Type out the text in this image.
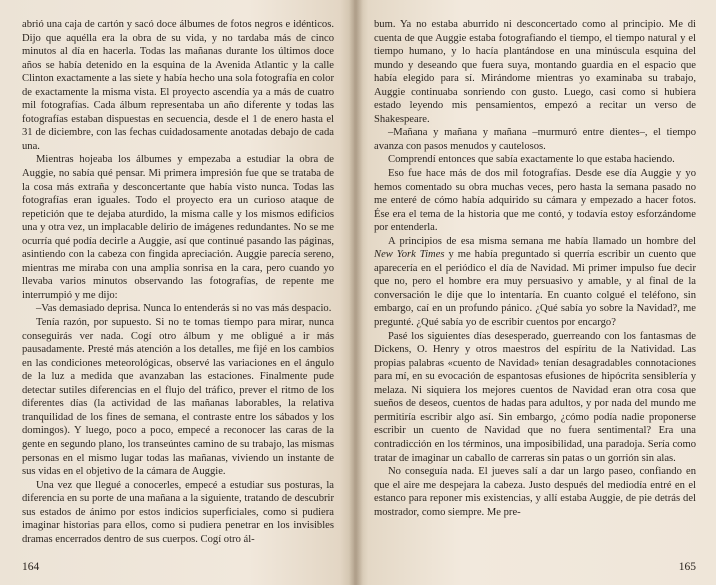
abrió una caja de cartón y sacó doce álbumes de fotos negros e idénticos. Dijo que aquélla era la obra de su vida, y no tardaba más de cinco minutos al día en hacerla. Todas las mañanas durante los últimos doce años se había detenido en la esquina de la Avenida Atlantic y la calle Clinton exactamente a las siete y había hecho una sola fotografía en color de exactamente la misma vista. El proyecto ascendía ya a más de cuatro mil fotografías. Cada álbum representaba un año diferente y todas las fotografías estaban dispuestas en secuencia, desde el 1 de enero hasta el 31 de diciembre, con las fechas cuidadosamente anotadas debajo de cada una.

Mientras hojeaba los álbumes y empezaba a estudiar la obra de Auggie, no sabía qué pensar. Mi primera impresión fue que se trataba de la cosa más extraña y desconcertante que había visto nunca. Todas las fotografías eran iguales. Todo el proyecto era un curioso ataque de repetición que te dejaba aturdido, la misma calle y los mismos edificios una y otra vez, un implacable delirio de imágenes redundantes. No se me ocurría qué podía decirle a Auggie, así que continué pasando las páginas, asintiendo con la cabeza con fingida apreciación. Auggie parecía sereno, mientras me miraba con una amplia sonrisa en la cara, pero cuando yo llevaba varios minutos observando las fotografías, de repente me interrumpió y me dijo:

–Vas demasiado deprisa. Nunca lo entenderás si no vas más despacio.

Tenía razón, por supuesto. Si no te tomas tiempo para mirar, nunca conseguirás ver nada. Cogí otro álbum y me obligué a ir más pausadamente. Presté más atención a los detalles, me fijé en los cambios en las condiciones meteorológicas, observé las variaciones en el ángulo de la luz a medida que avanzaban las estaciones. Finalmente pude detectar sutiles diferencias en el flujo del tráfico, prever el ritmo de los diferentes días (la actividad de las mañanas laborables, la relativa tranquilidad de los fines de semana, el contraste entre los sábados y los domingos). Y luego, poco a poco, empecé a reconocer las caras de la gente en segundo plano, los transeúntes camino de su trabajo, las mismas personas en el mismo lugar todas las mañanas, viviendo un instante de sus vidas en el objetivo de la cámara de Auggie.

Una vez que llegué a conocerles, empecé a estudiar sus posturas, la diferencia en su porte de una mañana a la siguiente, tratando de descubrir sus estados de ánimo por estos indicios superficiales, como si pudiera imaginar historias para ellos, como si pudiera penetrar en los invisibles dramas encerrados dentro de sus cuerpos. Cogí otro ál-

164

bum. Ya no estaba aburrido ni desconcertado como al principio. Me di cuenta de que Auggie estaba fotografiando el tiempo, el tiempo natural y el tiempo humano, y lo hacía plantándose en una minúscula esquina del mundo y deseando que fuera suya, montando guardia en el espacio que había elegido para sí. Mirándome mientras yo examinaba su trabajo, Auggie continuaba sonriendo con gusto. Luego, casi como si hubiera estado leyendo mis pensamientos, empezó a recitar un verso de Shakespeare.

–Mañana y mañana y mañana –murmuró entre dientes–, el tiempo avanza con pasos menudos y cautelosos.

Comprendí entonces que sabía exactamente lo que estaba haciendo.

Eso fue hace más de dos mil fotografías. Desde ese día Auggie y yo hemos comentado su obra muchas veces, pero hasta la semana pasado no me enteré de cómo había adquirido su cámara y empezado a hacer fotos. Ése era el tema de la historia que me contó, y todavía estoy esforzándome por entenderla.

A principios de esa misma semana me había llamado un hombre del New York Times y me había preguntado si querría escribir un cuento que aparecería en el periódico el día de Navidad. Mi primer impulso fue decir que no, pero el hombre era muy persuasivo y amable, y al final de la conversación le dije que lo intentaría. En cuanto colgué el teléfono, sin embargo, caí en un profundo pánico. ¿Qué sabía yo sobre la Navidad?, me pregunté. ¿Qué sabía yo de escribir cuentos por encargo?

Pasé los siguientes días desesperado, guerreando con los fantasmas de Dickens, O. Henry y otros maestros del espíritu de la Natividad. Las propias palabras «cuento de Navidad» tenían desagradables connotaciones para mí, en su evocación de espantosas efusiones de hipócrita sensiblería y melaza. Ni siquiera los mejores cuentos de Navidad eran otra cosa que sueños de deseos, cuentos de hadas para adultos, y por nada del mundo me permitiría escribir algo así. Sin embargo, ¿cómo podía nadie proponerse escribir un cuento de Navidad que no fuera sentimental? Era una contradicción en los términos, una imposibilidad, una paradoja. Sería como tratar de imaginar un caballo de carreras sin patas o un gorrión sin alas.

No conseguía nada. El jueves salí a dar un largo paseo, confiando en que el aire me despejara la cabeza. Justo después del mediodía entré en el estanco para reponer mis existencias, y allí estaba Auggie, de pie detrás del mostrador, como siempre. Me pre-

165
